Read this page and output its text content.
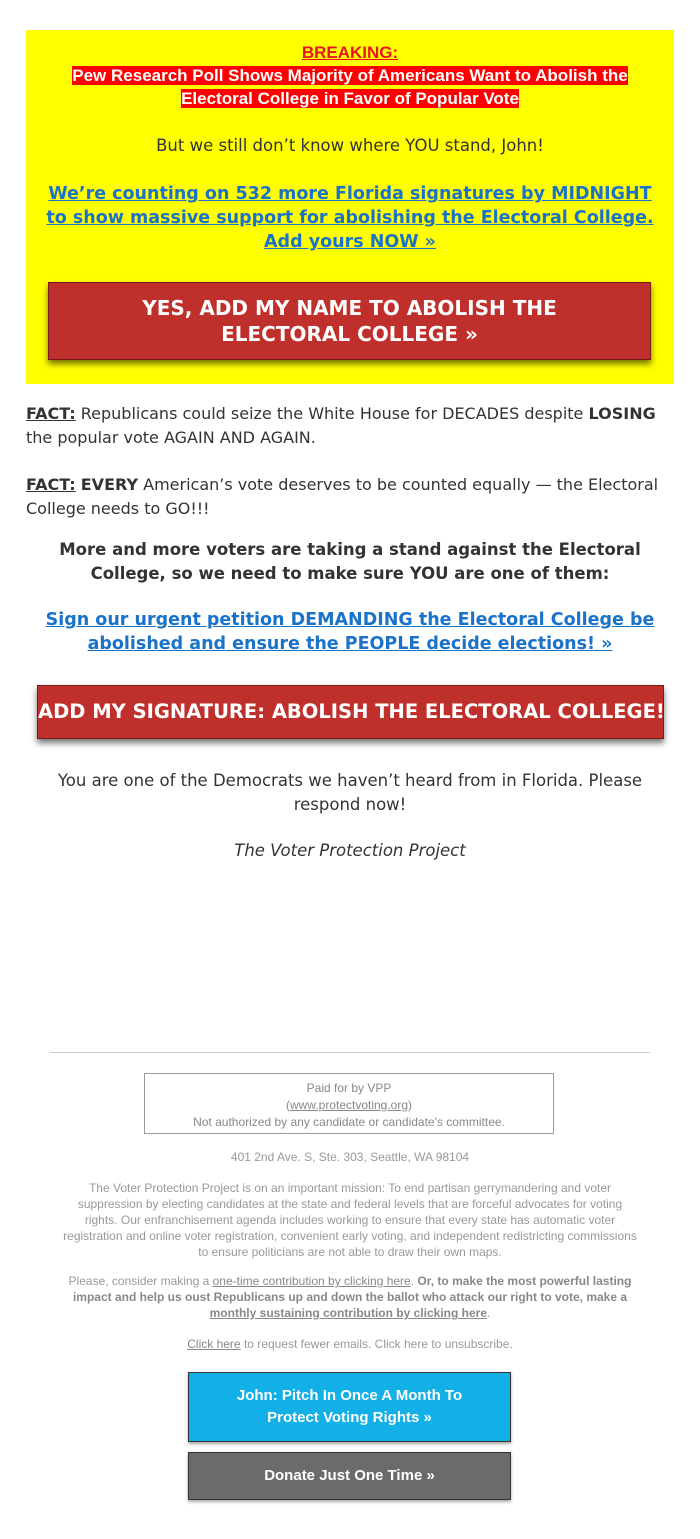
BREAKING:
Pew Research Poll Shows Majority of Americans Want to Abolish the Electoral College in Favor of Popular Vote
But we still don’t know where YOU stand, John!
We’re counting on 532 more Florida signatures by MIDNIGHT to show massive support for abolishing the Electoral College. Add yours NOW »
YES, ADD MY NAME TO ABOLISH THE ELECTORAL COLLEGE »
FACT: Republicans could seize the White House for DECADES despite LOSING the popular vote AGAIN AND AGAIN.
FACT: EVERY American’s vote deserves to be counted equally — the Electoral College needs to GO!!!
More and more voters are taking a stand against the Electoral College, so we need to make sure YOU are one of them:
Sign our urgent petition DEMANDING the Electoral College be abolished and ensure the PEOPLE decide elections! »
ADD MY SIGNATURE: ABOLISH THE ELECTORAL COLLEGE! »
You are one of the Democrats we haven’t heard from in Florida. Please respond now!
The Voter Protection Project
Paid for by VPP
(www.protectvoting.org)
Not authorized by any candidate or candidate's committee.
401 2nd Ave. S, Ste. 303, Seattle, WA 98104
The Voter Protection Project is on an important mission: To end partisan gerrymandering and voter suppression by electing candidates at the state and federal levels that are forceful advocates for voting rights. Our enfranchisement agenda includes working to ensure that every state has automatic voter registration and online voter registration, convenient early voting, and independent redistricting commissions to ensure politicians are not able to draw their own maps.
Please, consider making a one-time contribution by clicking here. Or, to make the most powerful lasting impact and help us oust Republicans up and down the ballot who attack our right to vote, make a monthly sustaining contribution by clicking here.
Click here to request fewer emails. Click here to unsubscribe.
John: Pitch In Once A Month To Protect Voting Rights »
Donate Just One Time »
